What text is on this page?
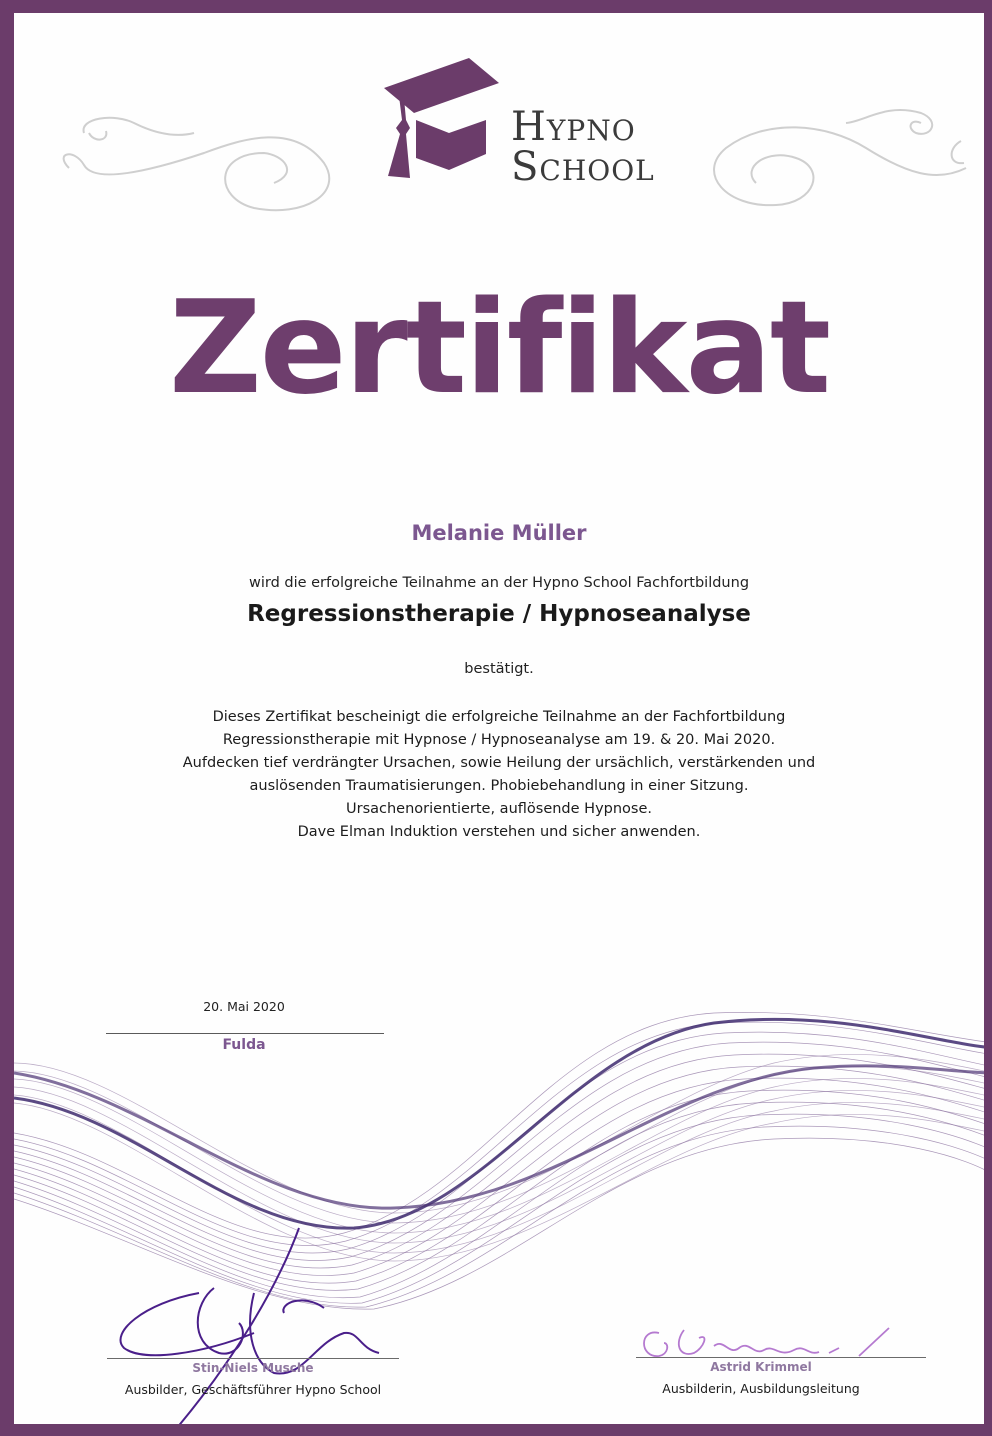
HYPNO
SCHOOL
Zertifikat
Melanie Müller
wird die erfolgreiche Teilnahme an der Hypno School Fachfortbildung
Regressionstherapie / Hypnoseanalyse
bestätigt.
Dieses Zertifikat bescheinigt die erfolgreiche Teilnahme an der Fachfortbildung
Regressionstherapie mit Hypnose / Hypnoseanalyse am 19. & 20. Mai 2020.
Aufdecken tief verdrängter Ursachen, sowie Heilung der ursächlich, verstärkenden und
auslösenden Traumatisierungen. Phobiebehandlung in einer Sitzung.
Ursachenorientierte, auflösende Hypnose.
Dave Elman Induktion verstehen und sicher anwenden.
20. Mai 2020
Fulda
Stin-Niels Musche
Ausbilder, Geschäftsführer Hypno School
Astrid Krimmel
Ausbilderin, Ausbildungsleitung
